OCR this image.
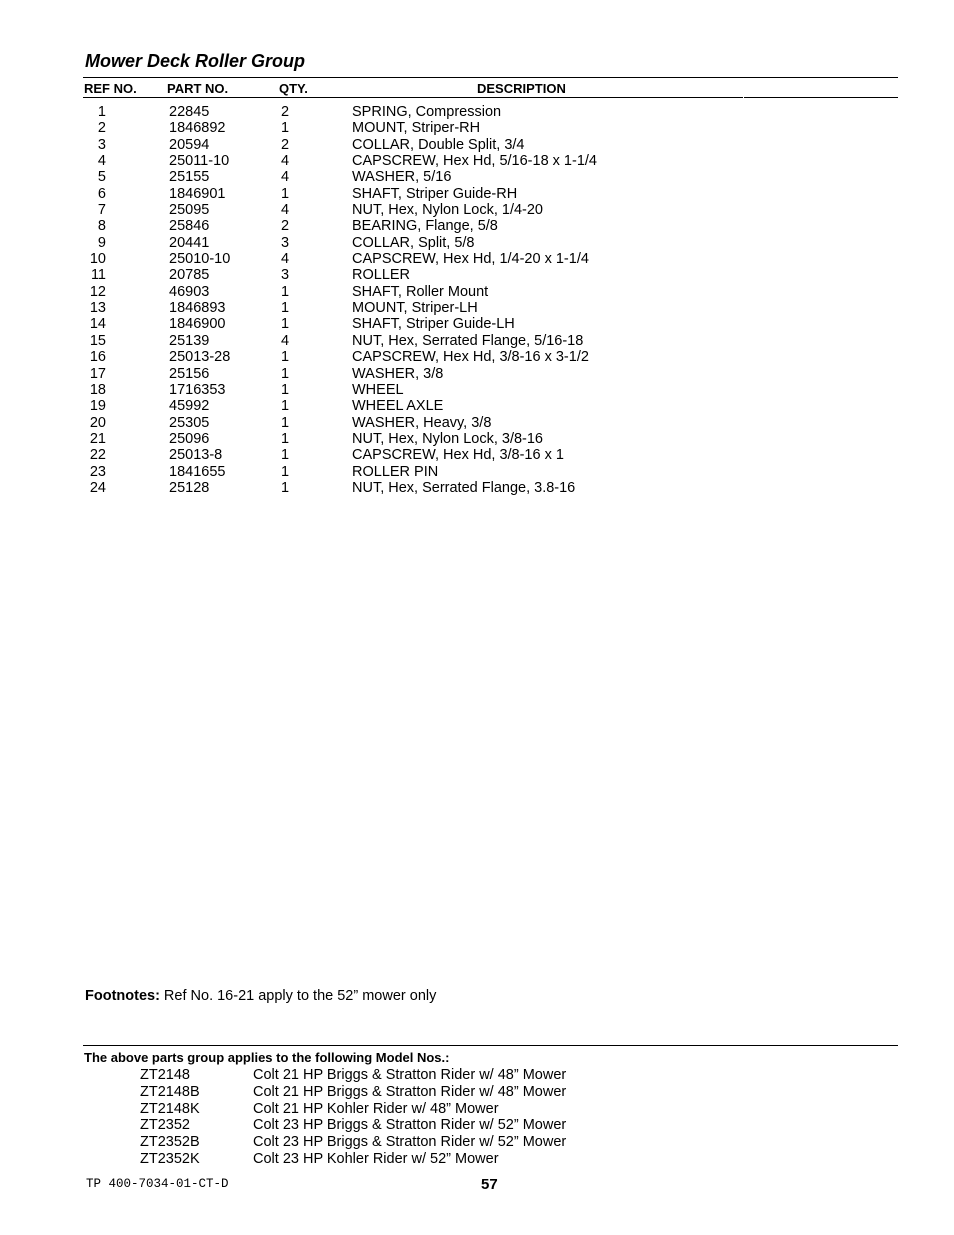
Mower Deck Roller Group
REF NO. PART NO.	QTY.	DESCRIPTION
1	22845	2	SPRING, Compression
2	1846892	1	MOUNT, Striper-RH
3	20594	2	COLLAR, Double Split, 3/4
4	25011-10	4	CAPSCREW, Hex Hd, 5/16-18 x 1-1/4
5	25155	4	WASHER, 5/16
6	1846901	1	SHAFT, Striper Guide-RH
7	25095	4	NUT, Hex, Nylon Lock, 1/4-20
8	25846	2	BEARING, Flange, 5/8
9	20441	3	COLLAR, Split, 5/8
10	25010-10	4	CAPSCREW, Hex Hd, 1/4-20 x 1-1/4
11	20785	3	ROLLER
12	46903	1	SHAFT, Roller Mount
13	1846893	1	MOUNT, Striper-LH
14	1846900	1	SHAFT, Striper Guide-LH
15	25139	4	NUT, Hex, Serrated Flange, 5/16-18
16	25013-28	1	CAPSCREW, Hex Hd, 3/8-16 x 3-1/2
17	25156	1	WASHER, 3/8
18	1716353	1	WHEEL
19	45992	1	WHEEL AXLE
20	25305	1	WASHER, Heavy, 3/8
21	25096	1	NUT, Hex, Nylon Lock, 3/8-16
22	25013-8	1	CAPSCREW, Hex Hd, 3/8-16 x 1
23	1841655	1	ROLLER PIN
24	25128	1	NUT, Hex, Serrated Flange, 3.8-16
Footnotes: Ref No. 16-21 apply to the 52” mower only
The above parts group applies to the following Model Nos.:
ZT2148	Colt 21 HP Briggs & Stratton Rider w/ 48” Mower
ZT2148B	Colt 21 HP Briggs & Stratton Rider w/ 48” Mower
ZT2148K	Colt 21 HP Kohler Rider w/ 48” Mower
ZT2352	Colt 23 HP Briggs & Stratton Rider w/ 52” Mower
ZT2352B	Colt 23 HP Briggs & Stratton Rider w/ 52” Mower
ZT2352K	Colt 23 HP Kohler Rider w/ 52” Mower
TP 400-7034-01-CT-D	57
